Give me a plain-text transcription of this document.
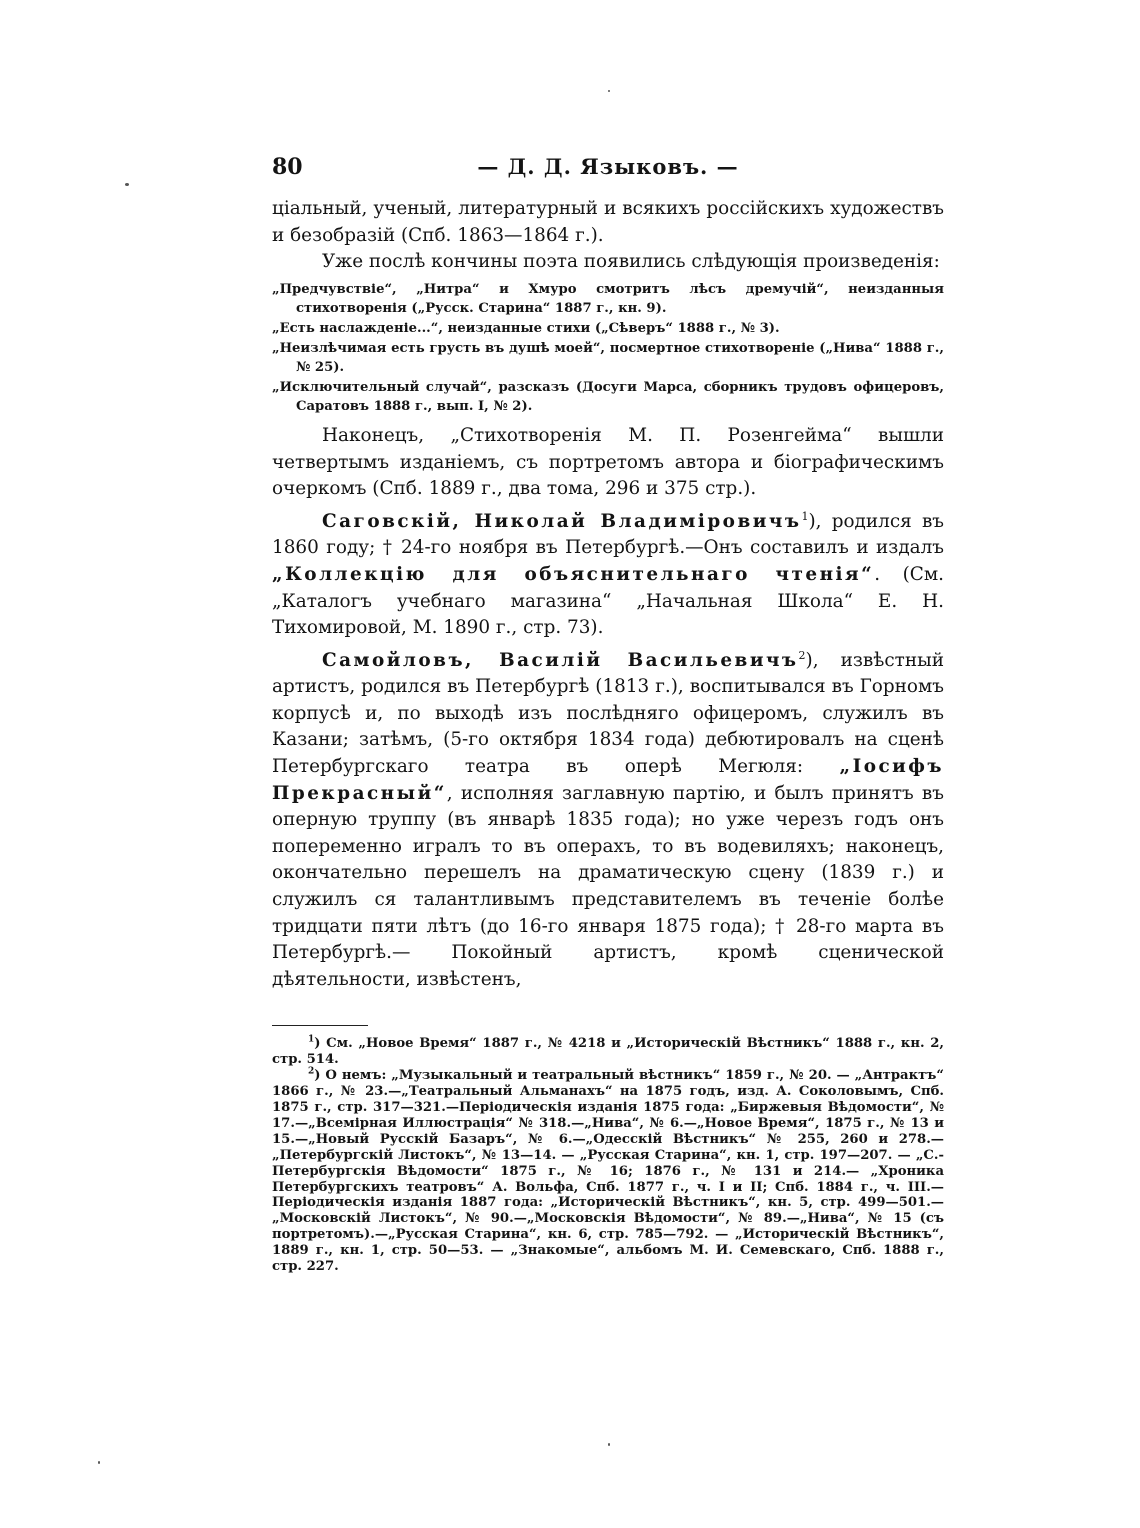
80	— Д. Д. Языковъ. —

ціальный, ученый, литературный и всякихъ россійскихъ художествъ и безобразій (Спб. 1863—1864 г.).

Уже послѣ кончины поэта появились слѣдующія произведенія:

„Предчувствіе“, „Нитра“ и Хмуро смотритъ лѣсъ дремучій“, неизданныя стихотворенія („Русск. Старина“ 1887 г., кн. 9).

„Есть наслажденіе...“, неизданные стихи („Сѣверъ“ 1888 г., № 3).

„Неизлѣчимая есть грусть въ душѣ моей“, посмертное стихотвореніе („Нива“ 1888 г., № 25).

„Исключительный случай“, разсказъ (Досуги Марса, сборникъ трудовъ офицеровъ, Саратовъ 1888 г., вып. I, № 2).

Наконецъ, „Стихотворенія М. П. Розенгейма“ вышли четвертымъ изданіемъ, съ портретомъ автора и біографическимъ очеркомъ (Спб. 1889 г., два тома, 296 и 375 стр.).

Саговскій, Николай Владиміровичъ$^1$), родился въ 1860 году; † 24-го ноября въ Петербургѣ.—Онъ составилъ и издалъ „Коллекцію для объяснительнаго чтенія“. (См. „Каталогъ учебнаго магазина“ „Начальная Школа“ Е. Н. Тихомировой, М. 1890 г., стр. 73).

Самойловъ, Василій Васильевичъ$^2$), извѣстный артистъ, родился въ Петербургѣ (1813 г.), воспитывался въ Горномъ корпусѣ и, по выходѣ изъ послѣдняго офицеромъ, служилъ въ Казани; затѣмъ, (5-го октября 1834 года) дебютировалъ на сценѣ Петербургскаго театра въ оперѣ Мегюля: „Іосифъ Прекрасный“, исполняя заглавную партію, и былъ принятъ въ оперную труппу (въ январѣ 1835 года); но уже черезъ годъ онъ попеременно игралъ то въ операхъ, то въ водевиляхъ; наконецъ, окончательно перешелъ на драматическую сцену (1839 г.) и служилъ ся талантливымъ представителемъ въ теченіе болѣе тридцати пяти лѣтъ (до 16-го января 1875 года); † 28-го марта въ Петербургѣ.— Покойный артистъ, кромѣ сценической дѣятельности, извѣстенъ,

$^1$) См. „Новое Время“ 1887 г., № 4218 и „Историческій Вѣстникъ“ 1888 г., кн. 2, стр. 514.

$^2$) О немъ: „Музыкальный и театральный вѣстникъ“ 1859 г., № 20. — „Антрактъ“ 1866 г., № 23.—„Театральный Альманахъ“ на 1875 годъ, изд. А. Соколовымъ, Спб. 1875 г., стр. 317—321.—Періодическія изданія 1875 года: „Биржевыя Вѣдомости“, № 17.—„Всемірная Иллюстрація“ № 318.—„Нива“, № 6.—„Новое Время“, 1875 г., № 13 и 15.—„Новый Русскій Базаръ“, № 6.—„Одесскій Вѣстникъ“ № 255, 260 и 278.—„Петербургскій Листокъ“, № 13—14. — „Русская Старина“, кн. 1, стр. 197—207. — „С.-Петербургскія Вѣдомости“ 1875 г., № 16; 1876 г., № 131 и 214.— „Хроника Петербургскихъ театровъ“ А. Вольфа, Спб. 1877 г., ч. I и II; Спб. 1884 г., ч. III.—Періодическія изданія 1887 года: „Историческій Вѣстникъ“, кн. 5, стр. 499—501.—„Московскій Листокъ“, № 90.—„Московскія Вѣдомости“, № 89.—„Нива“, № 15 (съ портретомъ).—„Русская Старина“, кн. 6, стр. 785—792. — „Историческій Вѣстникъ“, 1889 г., кн. 1, стр. 50—53. — „Знакомые“, альбомъ М. И. Семевскаго, Спб. 1888 г., стр. 227.
